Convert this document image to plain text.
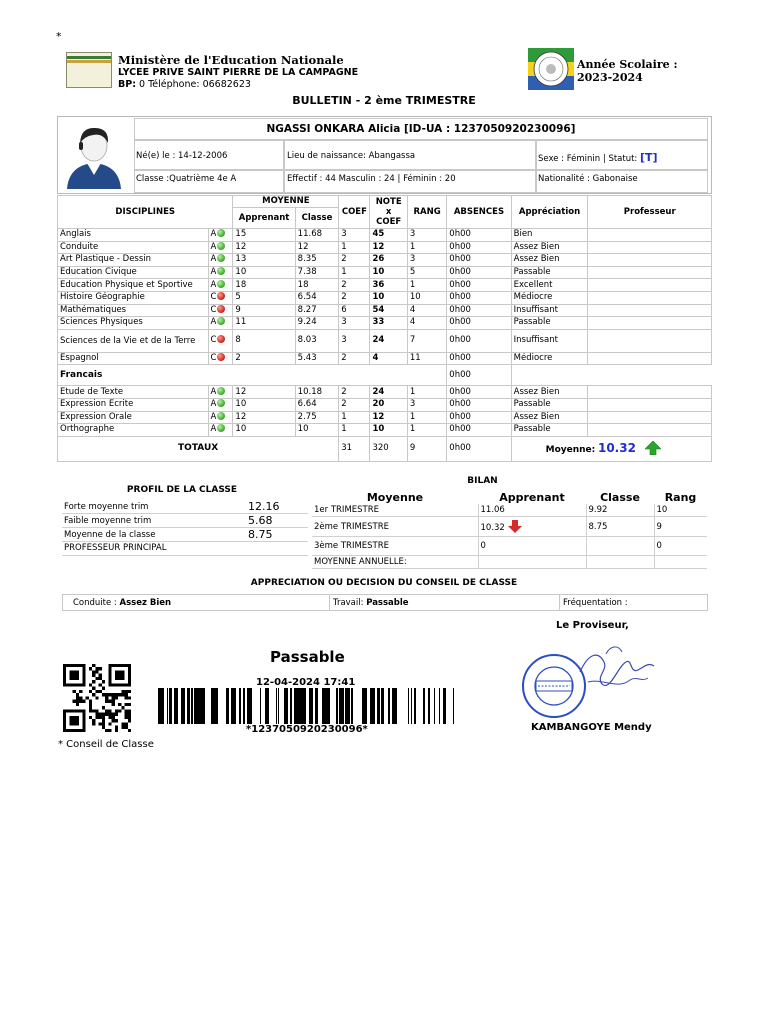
*
Ministère de l'Education Nationale
LYCEE PRIVE SAINT PIERRE DE LA CAMPAGNE
BP: 0 Téléphone: 06682623
Année Scolaire : 2023-2024
BULLETIN - 2 ème TRIMESTRE
NGASSI ONKARA Alicia [ID-UA : 1237050920230096]
Né(e) le : 14-12-2006	Lieu de naissance: Abangassa	Sexe : Féminin | Statut: [T]
Classe :Quatrième 4e A	Effectif : 44 Masculin : 24 | Féminin : 20	Nationalité : Gabonaise
DISCIPLINES		MOYENNE		COEF	NOTE x COEF	RANG	ABSENCES	Appréciation	Professeur
		Apprenant	Classe						
Anglais	A	15	11.68	3	45	3	0h00	Bien	
Conduite	A	12	12	1	12	1	0h00	Assez Bien	
Art Plastique - Dessin	A	13	8.35	2	26	3	0h00	Assez Bien	
Education Civique	A	10	7.38	1	10	5	0h00	Passable	
Education Physique et Sportive	A	18	18	2	36	1	0h00	Excellent	
Histoire Géographie	C	5	6.54	2	10	10	0h00	Médiocre	
Mathématiques	C	9	8.27	6	54	4	0h00	Insuffisant	
Sciences Physiques	A	11	9.24	3	33	4	0h00	Passable	
Sciences de la Vie et de la Terre	C	8	8.03	3	24	7	0h00	Insuffisant	
Espagnol	C	2	5.43	2	4	11	0h00	Médiocre	
Francais							0h00		
Etude de Texte	A	12	10.18	2	24	1	0h00	Assez Bien	
Expression Ecrite	A	10	6.64	2	20	3	0h00	Passable	
Expression Orale	A	12	2.75	1	12	1	0h00	Assez Bien	
Orthographe	A	10	10	1	10	1	0h00	Passable	
TOTAUX				31	320	9	0h00	Moyenne: 10.32	
PROFIL DE LA CLASSE
Forte moyenne trim	12.16
Faible moyenne trim	5.68
Moyenne de la classe	8.75
PROFESSEUR PRINCIPAL	
BILAN
Moyenne	Apprenant	Classe	Rang
1er TRIMESTRE	11.06	9.92	10
2ème TRIMESTRE	10.32	8.75	9
3ème TRIMESTRE	0		0
MOYENNE ANNUELLE:			
APPRECIATION OU DECISION DU CONSEIL DE CLASSE
Conduite : Assez Bien	Travail: Passable	Fréquentation :
Le Proviseur,
Passable
12-04-2024 17:41
*1237050920230096*	KAMBANGOYE Mendy
* Conseil de Classe
